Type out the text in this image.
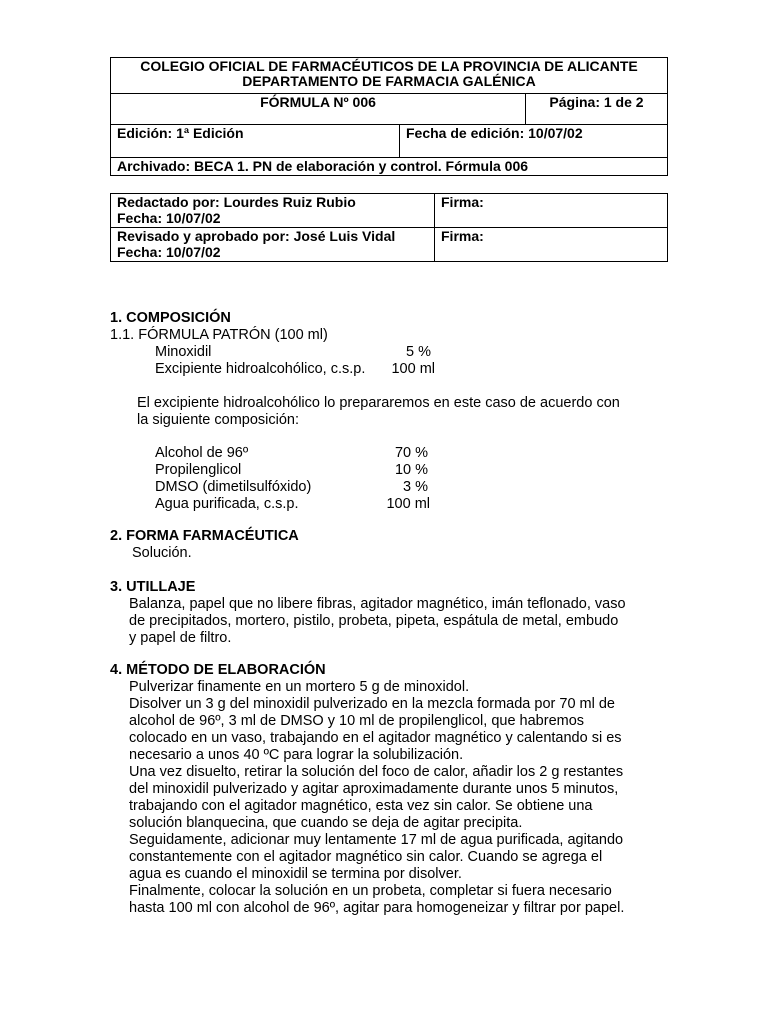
COLEGIO OFICIAL DE FARMACÉUTICOS DE LA PROVINCIA DE ALICANTE
DEPARTAMENTO DE FARMACIA GALÉNICA

FÓRMULA Nº 006	Página: 1 de 2
Edición: 1ª Edición	Fecha de edición: 10/07/02
Archivado: BECA 1. PN de elaboración y control. Fórmula 006
Redactado por: Lourdes Ruiz Rubio
Fecha: 10/07/02	Firma:

Revisado y aprobado por: José Luis Vidal
Fecha: 10/07/02	Firma:
1. COMPOSICIÓN
1.1. FÓRMULA PATRÓN (100 ml)
Minoxidil	5 %
Excipiente hidroalcohólico, c.s.p. 100 ml
El excipiente hidroalcohólico lo prepararemos en este caso de acuerdo con
la siguiente composición:
Alcohol de 96º	70 %
Propilenglicol	10 %
DMSO (dimetilsulfóxido)	3 %
Agua purificada, c.s.p.	100 ml
2. FORMA FARMACÉUTICA
Solución.
3. UTILLAJE
Balanza, papel que no libere fibras, agitador magnético, imán teflonado, vaso
de precipitados, mortero, pistilo, probeta, pipeta, espátula de metal, embudo
y papel de filtro.
4. MÉTODO DE ELABORACIÓN
Pulverizar finamente en un mortero 5 g de minoxidol.
Disolver un 3 g del minoxidil pulverizado en la mezcla formada por 70 ml de
alcohol de 96º, 3 ml de DMSO y 10 ml de propilenglicol, que habremos
colocado en un vaso, trabajando en el agitador magnético y calentando si es
necesario a unos 40 ºC para lograr la solubilización.
Una vez disuelto, retirar la solución del foco de calor, añadir los 2 g restantes
del minoxidil pulverizado y agitar aproximadamente durante unos 5 minutos,
trabajando con el agitador magnético, esta vez sin calor. Se obtiene una
solución blanquecina, que cuando se deja de agitar precipita.
Seguidamente, adicionar muy lentamente 17 ml de agua purificada, agitando
constantemente con el agitador magnético sin calor. Cuando se agrega el
agua es cuando el minoxidil se termina por disolver.
Finalmente, colocar la solución en un probeta, completar si fuera necesario
hasta 100 ml con alcohol de 96º, agitar para homogeneizar y filtrar por papel.
